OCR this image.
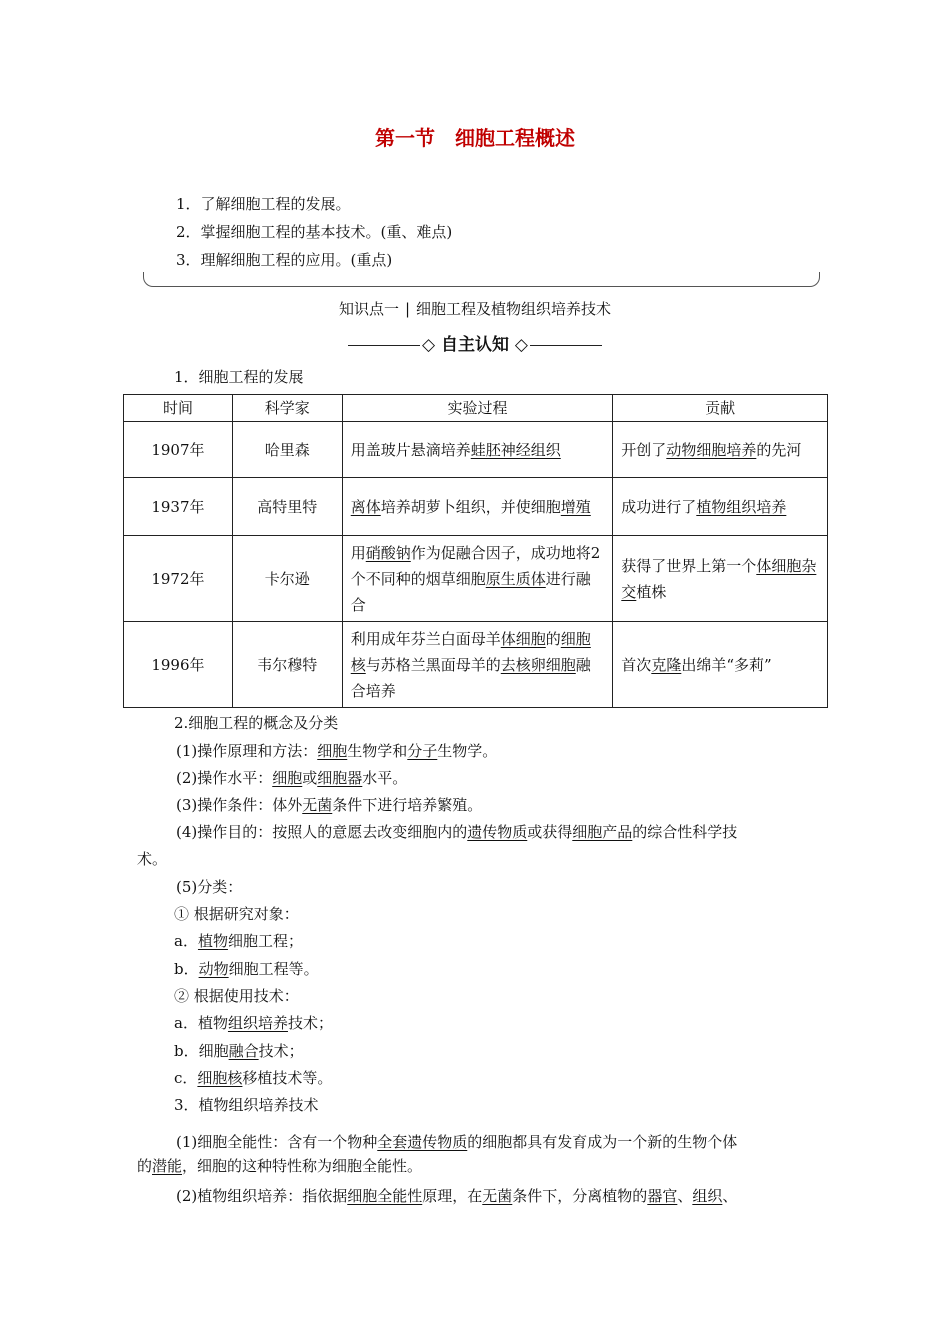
第一节　细胞工程概述
1．了解细胞工程的发展。
2．掌握细胞工程的基本技术。(重、难点)
3．理解细胞工程的应用。(重点)
知识点一 | 细胞工程及植物组织培养技术
◇ 自主认知 ◇
1．细胞工程的发展
时间	科学家	实验过程	贡献
1907年	哈里森	用盖玻片悬滴培养蛙胚神经组织	开创了动物细胞培养的先河
1937年	高特里特	离体培养胡萝卜组织，并使细胞增殖	成功进行了植物组织培养
1972年	卡尔逊	用硝酸钠作为促融合因子，成功地将2个不同种的烟草细胞原生质体进行融合	获得了世界上第一个体细胞杂交植株
1996年	韦尔穆特	利用成年芬兰白面母羊体细胞的细胞核与苏格兰黑面母羊的去核卵细胞融合培养	首次克隆出绵羊“多莉”
2.细胞工程的概念及分类
(1)操作原理和方法：细胞生物学和分子生物学。
(2)操作水平：细胞或细胞器水平。
(3)操作条件：体外无菌条件下进行培养繁殖。
(4)操作目的：按照人的意愿去改变细胞内的遗传物质或获得细胞产品的综合性科学技
术。
(5)分类：
① 根据研究对象：
a．植物细胞工程；
b．动物细胞工程等。
② 根据使用技术：
a．植物组织培养技术；
b．细胞融合技术；
c．细胞核移植技术等。
3．植物组织培养技术
(1)细胞全能性：含有一个物种全套遗传物质的细胞都具有发育成为一个新的生物个体
的潜能，细胞的这种特性称为细胞全能性。
(2)植物组织培养：指依据细胞全能性原理，在无菌条件下，分离植物的器官、组织、
